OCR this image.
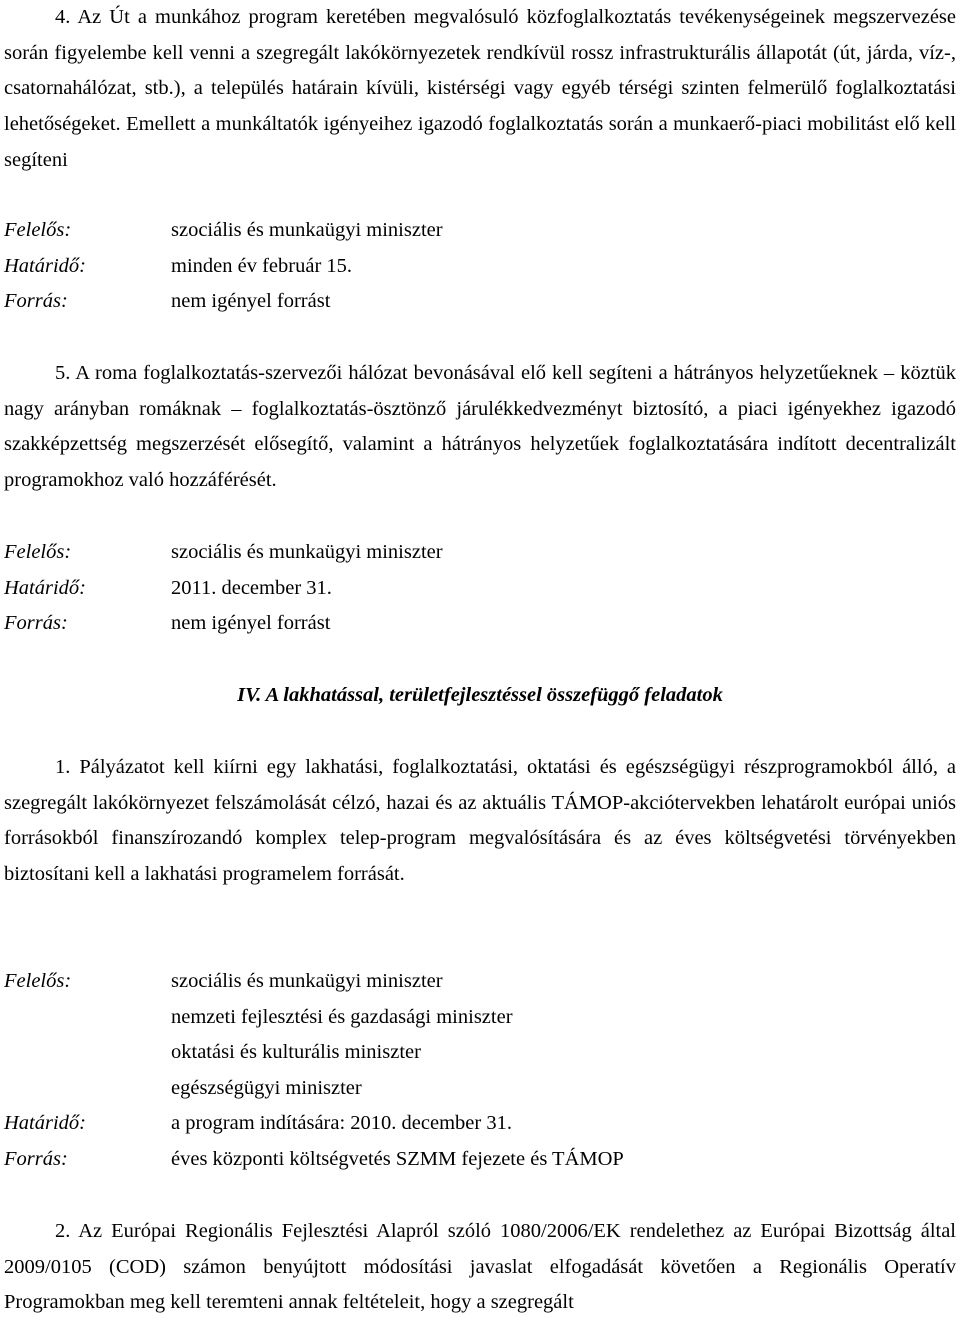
4. Az Út a munkához program keretében megvalósuló közfoglalkoztatás tevékenységeinek megszervezése során figyelembe kell venni a szegregált lakókörnyezetek rendkívül rossz infrastrukturális állapotát (út, járda, víz-, csatornahálózat, stb.), a település határain kívüli, kistérségi vagy egyéb térségi szinten felmerülő foglalkoztatási lehetőségeket. Emellett a munkáltatók igényeihez igazodó foglalkoztatás során a munkaerő-piaci mobilitást elő kell segíteni

Felelős:	szociális és munkaügyi miniszter
Határidő:	minden év február 15.
Forrás:	nem igényel forrást

5. A roma foglalkoztatás-szervezői hálózat bevonásával elő kell segíteni a hátrányos helyzetűeknek – köztük nagy arányban romáknak – foglalkoztatás-ösztönző járulékkedvezményt biztosító, a piaci igényekhez igazodó szakképzettség megszerzését elősegítő, valamint a hátrányos helyzetűek foglalkoztatására indított decentralizált programokhoz való hozzáférését.

Felelős:	szociális és munkaügyi miniszter
Határidő:	2011. december 31.
Forrás:	nem igényel forrást

IV. A lakhatással, területfejlesztéssel összefüggő feladatok

1. Pályázatot kell kiírni egy lakhatási, foglalkoztatási, oktatási és egészségügyi részprogramokból álló, a szegregált lakókörnyezet felszámolását célzó, hazai és az aktuális TÁMOP-akciótervekben lehatárolt európai uniós forrásokból finanszírozandó komplex telep-program megvalósítására és az éves költségvetési törvényekben biztosítani kell a lakhatási programelem forrását.

Felelős:	szociális és munkaügyi miniszter
nemzeti fejlesztési és gazdasági miniszter
oktatási és kulturális miniszter
egészségügyi miniszter
Határidő:	a program indítására: 2010. december 31.
Forrás:	éves központi költségvetés SZMM fejezete és TÁMOP

2. Az Európai Regionális Fejlesztési Alapról szóló 1080/2006/EK rendelethez az Európai Bizottság által 2009/0105 (COD) számon benyújtott módosítási javaslat elfogadását követően a Regionális Operatív Programokban meg kell teremteni annak feltételeit, hogy a szegregált
